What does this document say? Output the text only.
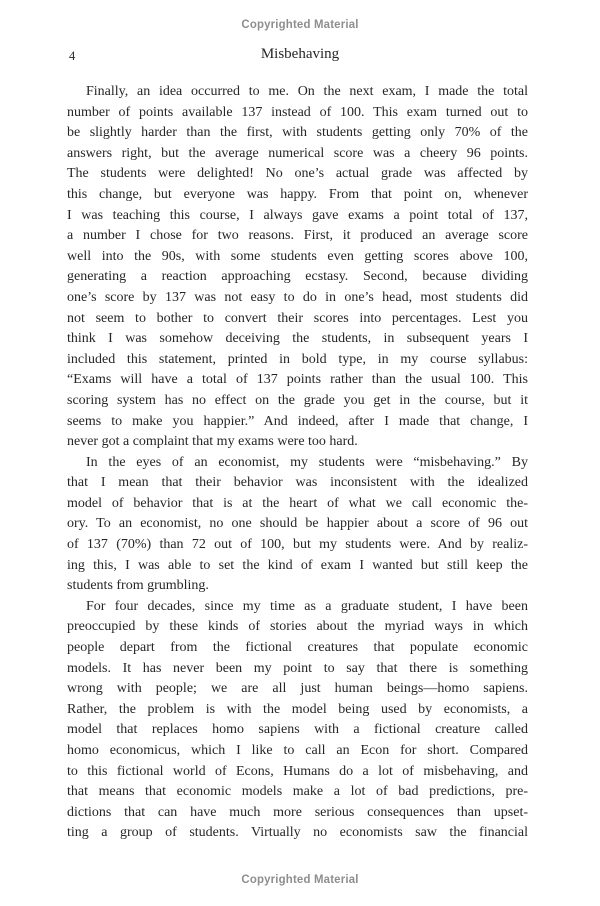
Copyrighted Material
4	Misbehaving
Finally, an idea occurred to me. On the next exam, I made the total
number of points available 137 instead of 100. This exam turned out to
be slightly harder than the first, with students getting only 70% of the
answers right, but the average numerical score was a cheery 96 points.
The students were delighted! No one’s actual grade was affected by
this change, but everyone was happy. From that point on, whenever
I was teaching this course, I always gave exams a point total of 137,
a number I chose for two reasons. First, it produced an average score
well into the 90s, with some students even getting scores above 100,
generating a reaction approaching ecstasy. Second, because dividing
one’s score by 137 was not easy to do in one’s head, most students did
not seem to bother to convert their scores into percentages. Lest you
think I was somehow deceiving the students, in subsequent years I
included this statement, printed in bold type, in my course syllabus:
“Exams will have a total of 137 points rather than the usual 100. This
scoring system has no effect on the grade you get in the course, but it
seems to make you happier.” And indeed, after I made that change, I
never got a complaint that my exams were too hard.
In the eyes of an economist, my students were “misbehaving.” By
that I mean that their behavior was inconsistent with the idealized
model of behavior that is at the heart of what we call economic the-
ory. To an economist, no one should be happier about a score of 96 out
of 137 (70%) than 72 out of 100, but my students were. And by realiz-
ing this, I was able to set the kind of exam I wanted but still keep the
students from grumbling.
For four decades, since my time as a graduate student, I have been
preoccupied by these kinds of stories about the myriad ways in which
people depart from the fictional creatures that populate economic
models. It has never been my point to say that there is something
wrong with people; we are all just human beings—homo sapiens.
Rather, the problem is with the model being used by economists, a
model that replaces homo sapiens with a fictional creature called
homo economicus, which I like to call an Econ for short. Compared
to this fictional world of Econs, Humans do a lot of misbehaving, and
that means that economic models make a lot of bad predictions, pre-
dictions that can have much more serious consequences than upset-
ting a group of students. Virtually no economists saw the financial
Copyrighted Material
